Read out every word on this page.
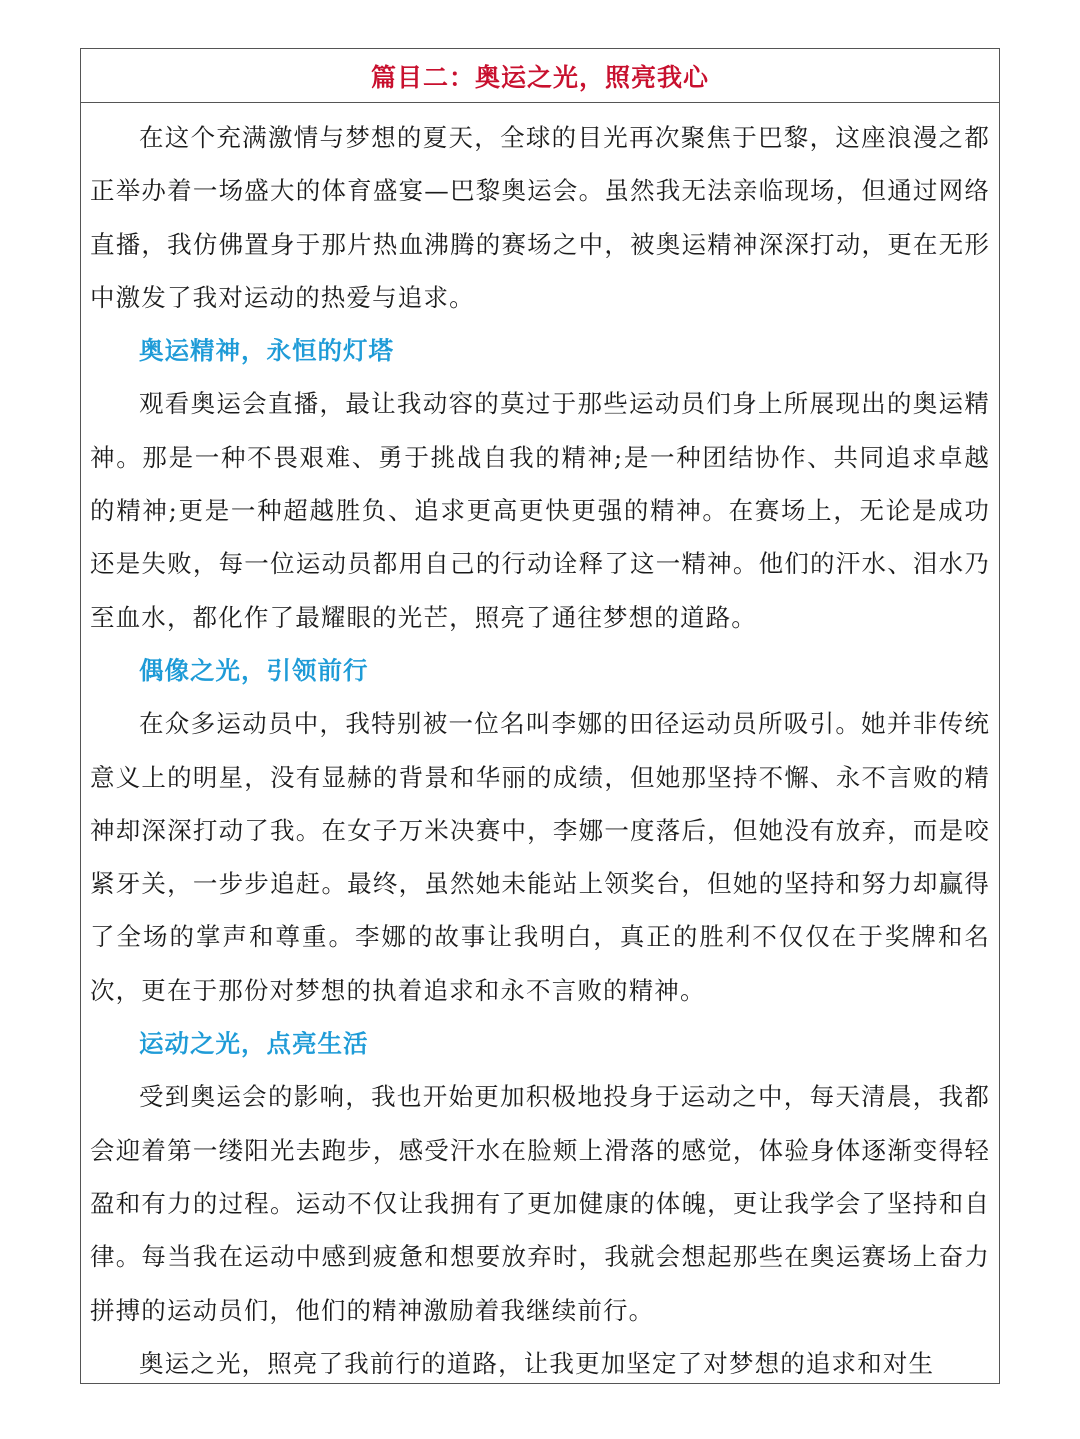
篇目二：奥运之光，照亮我心

在这个充满激情与梦想的夏天，全球的目光再次聚焦于巴黎，这座浪漫之都正举办着一场盛大的体育盛宴—巴黎奥运会。虽然我无法亲临现场，但通过网络直播，我仿佛置身于那片热血沸腾的赛场之中，被奥运精神深深打动，更在无形中激发了我对运动的热爱与追求。

奥运精神，永恒的灯塔

观看奥运会直播，最让我动容的莫过于那些运动员们身上所展现出的奥运精神。那是一种不畏艰难、勇于挑战自我的精神;是一种团结协作、共同追求卓越的精神;更是一种超越胜负、追求更高更快更强的精神。在赛场上，无论是成功还是失败，每一位运动员都用自己的行动诠释了这一精神。他们的汗水、泪水乃至血水，都化作了最耀眼的光芒，照亮了通往梦想的道路。

偶像之光，引领前行

在众多运动员中，我特别被一位名叫李娜的田径运动员所吸引。她并非传统意义上的明星，没有显赫的背景和华丽的成绩，但她那坚持不懈、永不言败的精神却深深打动了我。在女子万米决赛中，李娜一度落后，但她没有放弃，而是咬紧牙关，一步步追赶。最终，虽然她未能站上领奖台，但她的坚持和努力却赢得了全场的掌声和尊重。李娜的故事让我明白，真正的胜利不仅仅在于奖牌和名次，更在于那份对梦想的执着追求和永不言败的精神。

运动之光，点亮生活

受到奥运会的影响，我也开始更加积极地投身于运动之中，每天清晨，我都会迎着第一缕阳光去跑步，感受汗水在脸颊上滑落的感觉，体验身体逐渐变得轻盈和有力的过程。运动不仅让我拥有了更加健康的体魄，更让我学会了坚持和自律。每当我在运动中感到疲惫和想要放弃时，我就会想起那些在奥运赛场上奋力拼搏的运动员们，他们的精神激励着我继续前行。

奥运之光，照亮了我前行的道路，让我更加坚定了对梦想的追求和对生
